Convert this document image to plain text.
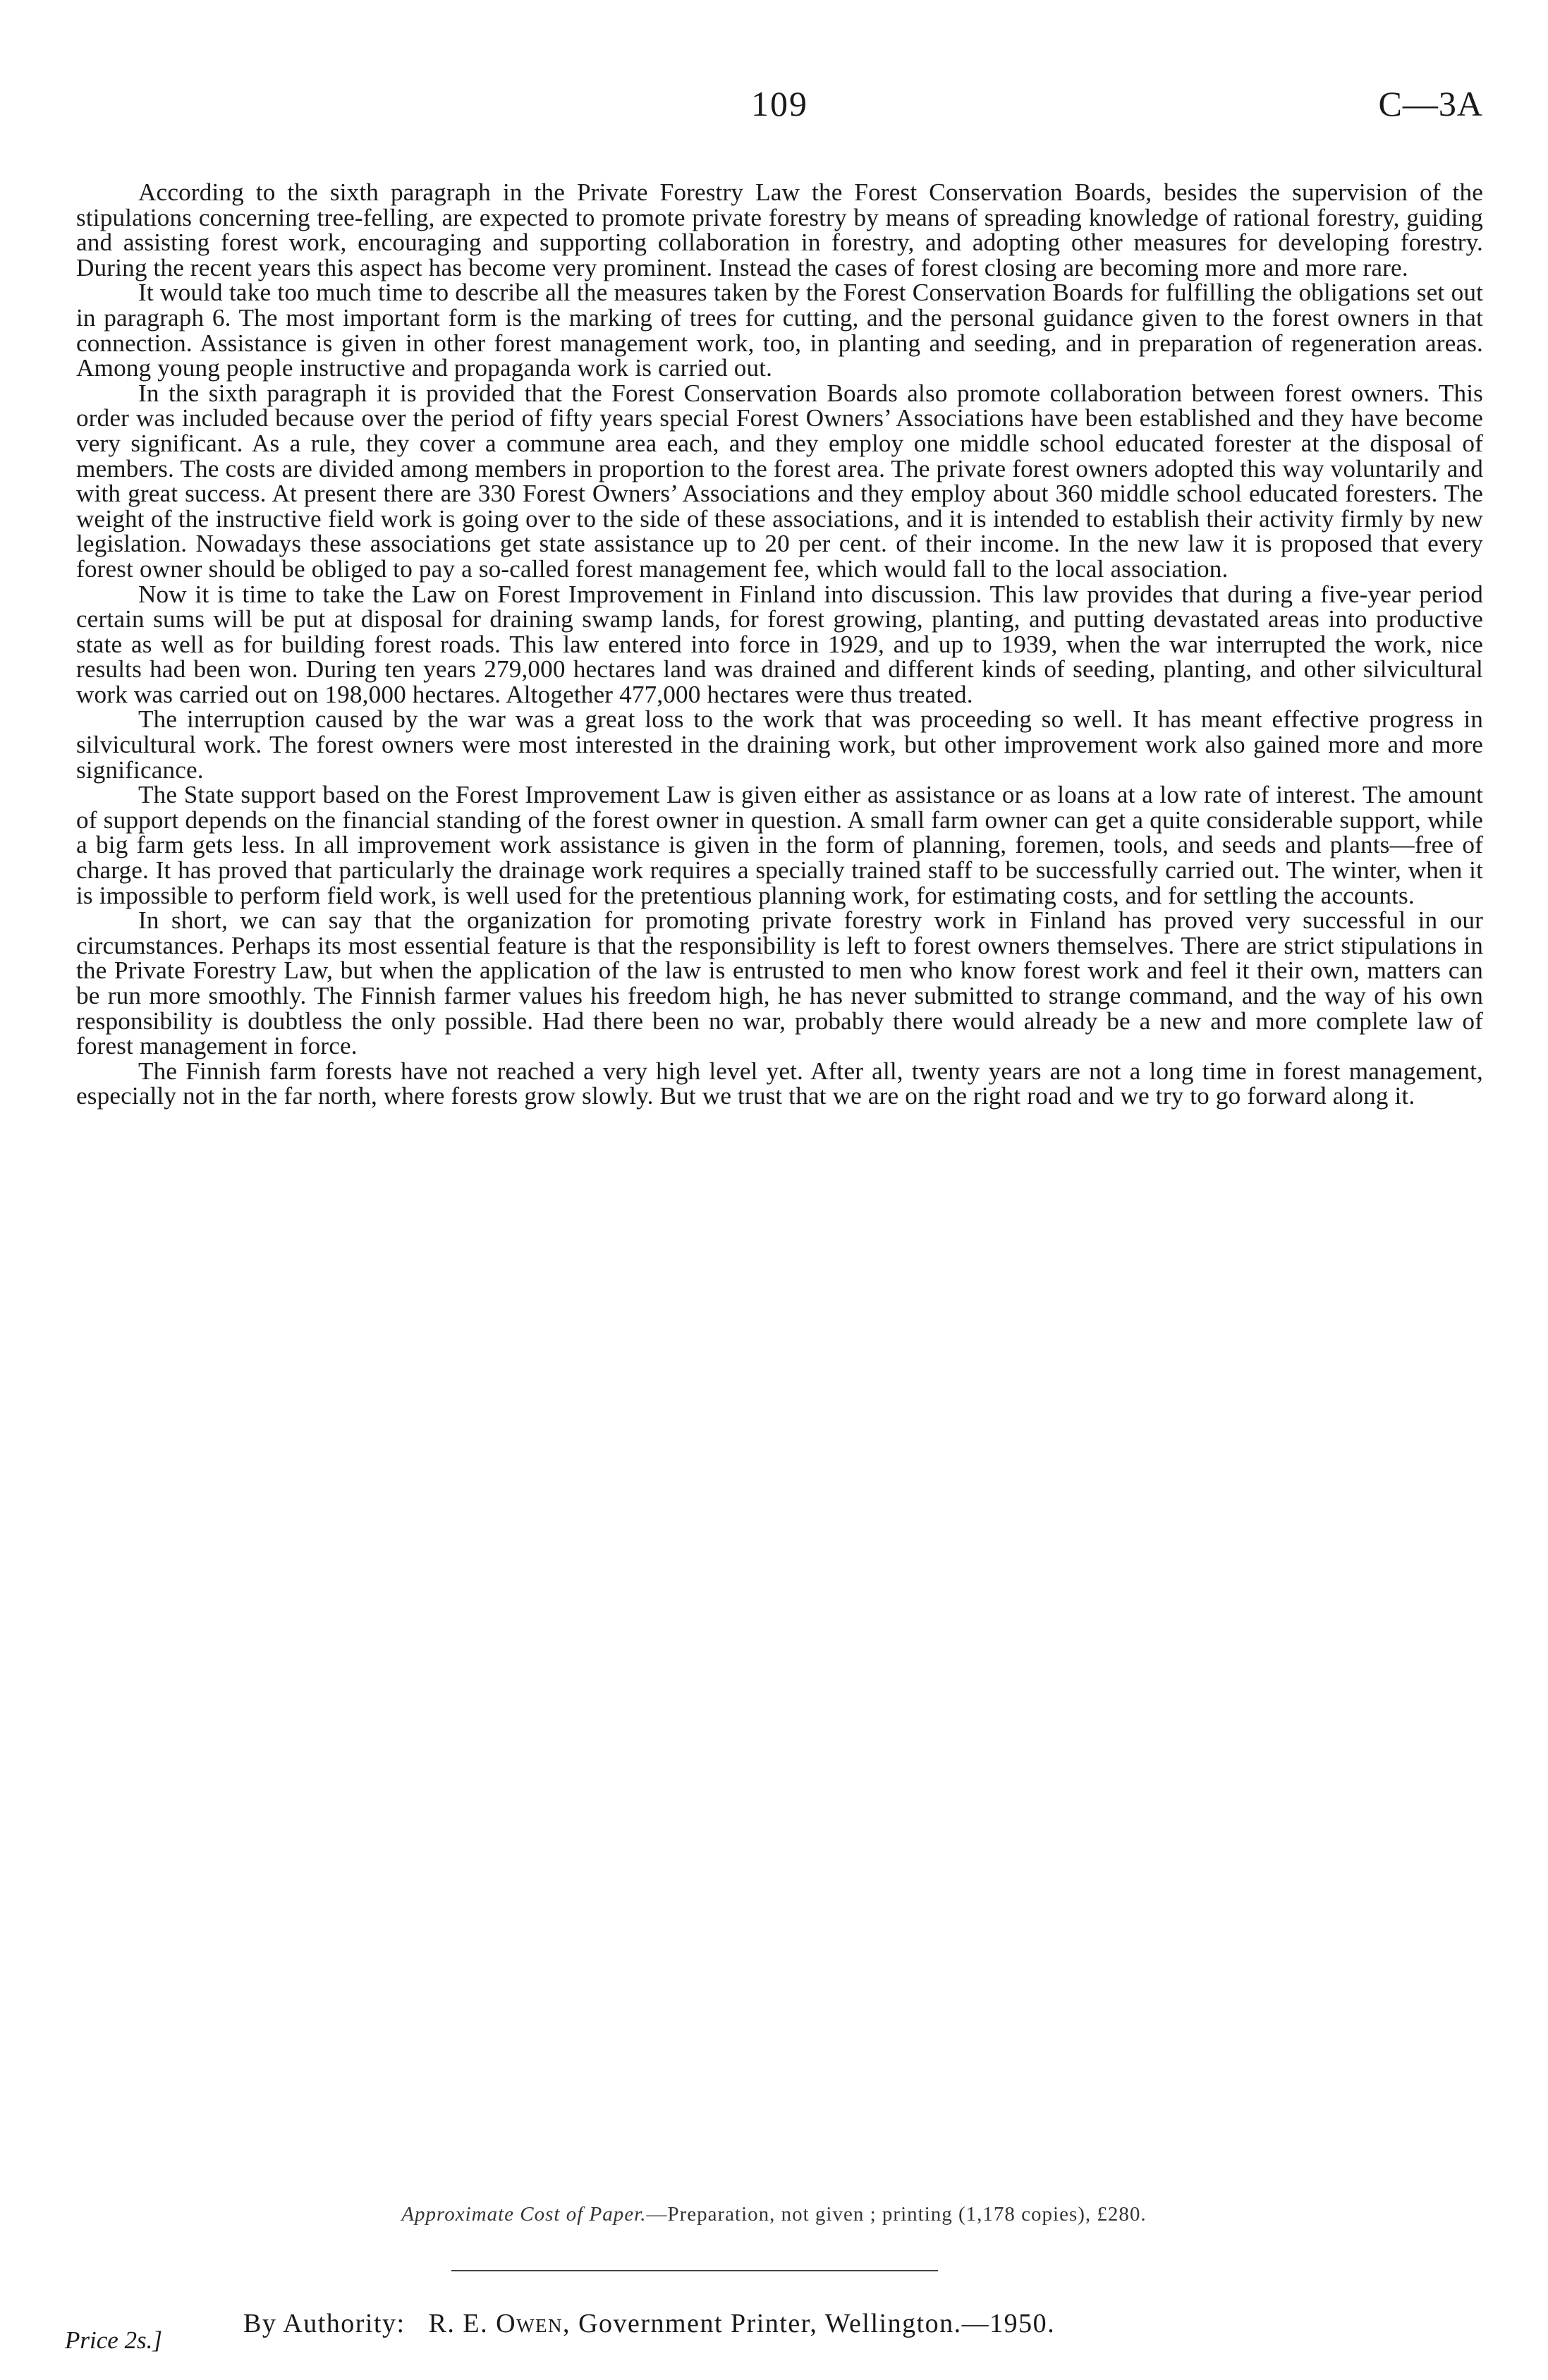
109	C—3A

According to the sixth paragraph in the Private Forestry Law the Forest Conservation Boards, besides the supervision of the stipulations concerning tree-felling, are expected to promote private forestry by means of spreading knowledge of rational forestry, guiding and assisting forest work, encouraging and supporting collaboration in forestry, and adopting other measures for developing forestry. During the recent years this aspect has become very prominent. Instead the cases of forest closing are becoming more and more rare.

It would take too much time to describe all the measures taken by the Forest Conservation Boards for fulfilling the obligations set out in paragraph 6. The most important form is the marking of trees for cutting, and the personal guidance given to the forest owners in that connection. Assistance is given in other forest management work, too, in planting and seeding, and in preparation of regeneration areas. Among young people instructive and propaganda work is carried out.

In the sixth paragraph it is provided that the Forest Conservation Boards also promote collaboration between forest owners. This order was included because over the period of fifty years special Forest Owners’ Associations have been established and they have become very significant. As a rule, they cover a commune area each, and they employ one middle school educated forester at the disposal of members. The costs are divided among members in proportion to the forest area. The private forest owners adopted this way voluntarily and with great success. At present there are 330 Forest Owners’ Associations and they employ about 360 middle school educated foresters. The weight of the instructive field work is going over to the side of these associations, and it is intended to establish their activity firmly by new legislation. Nowadays these associations get state assistance up to 20 per cent. of their income. In the new law it is proposed that every forest owner should be obliged to pay a so-called forest management fee, which would fall to the local association.

Now it is time to take the Law on Forest Improvement in Finland into discussion. This law provides that during a five-year period certain sums will be put at disposal for draining swamp lands, for forest growing, planting, and putting devastated areas into productive state as well as for building forest roads. This law entered into force in 1929, and up to 1939, when the war interrupted the work, nice results had been won. During ten years 279,000 hectares land was drained and different kinds of seeding, planting, and other silvicultural work was carried out on 198,000 hectares. Altogether 477,000 hectares were thus treated.

The interruption caused by the war was a great loss to the work that was proceeding so well. It has meant effective progress in silvicultural work. The forest owners were most interested in the draining work, but other improvement work also gained more and more significance.

The State support based on the Forest Improvement Law is given either as assistance or as loans at a low rate of interest. The amount of support depends on the financial standing of the forest owner in question. A small farm owner can get a quite considerable support, while a big farm gets less. In all improvement work assistance is given in the form of planning, foremen, tools, and seeds and plants—free of charge. It has proved that particularly the drainage work requires a specially trained staff to be successfully carried out. The winter, when it is impossible to perform field work, is well used for the pretentious planning work, for estimating costs, and for settling the accounts.

In short, we can say that the organization for promoting private forestry work in Finland has proved very successful in our circumstances. Perhaps its most essential feature is that the responsibility is left to forest owners themselves. There are strict stipulations in the Private Forestry Law, but when the application of the law is entrusted to men who know forest work and feel it their own, matters can be run more smoothly. The Finnish farmer values his freedom high, he has never submitted to strange command, and the way of his own responsibility is doubtless the only possible. Had there been no war, probably there would already be a new and more complete law of forest management in force.

The Finnish farm forests have not reached a very high level yet. After all, twenty years are not a long time in forest management, especially not in the far north, where forests grow slowly. But we trust that we are on the right road and we try to go forward along it.

Approximate Cost of Paper.—Preparation, not given ; printing (1,178 copies), £280.
By Authority: R. E. Owen, Government Printer, Wellington.—1950.
Price 2s.]
